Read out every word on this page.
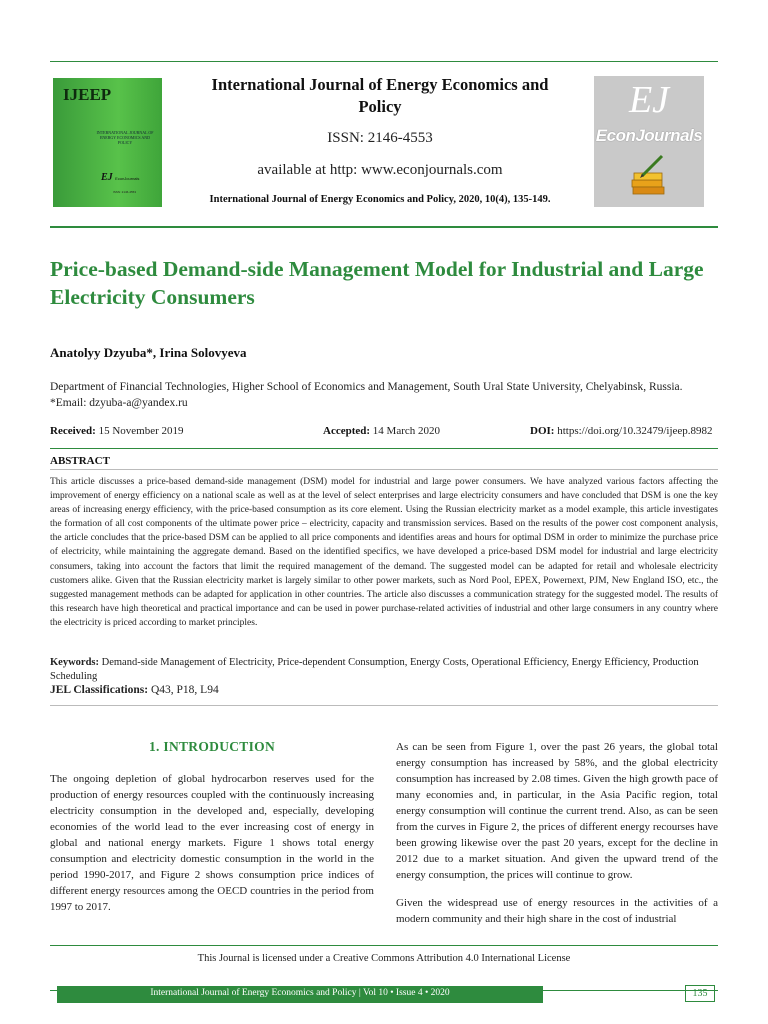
IJEEP
INTERNATIONAL JOURNAL OF ENERGY ECONOMICS AND POLICY
EJ EconJournals
ISSN: 2146-4553
International Journal of Energy Economics and Policy
ISSN: 2146-4553
available at http: www.econjournals.com
International Journal of Energy Economics and Policy, 2020, 10(4), 135-149.
EJ
EconJournals
Price-based Demand-side Management Model for Industrial and Large Electricity Consumers
Anatolyy Dzyuba*, Irina Solovyeva
Department of Financial Technologies, Higher School of Economics and Management, South Ural State University, Chelyabinsk, Russia. *Email: dzyuba-a@yandex.ru
Received: 15 November 2019	Accepted: 14 March 2020	DOI: https://doi.org/10.32479/ijeep.8982
ABSTRACT
This article discusses a price-based demand-side management (DSM) model for industrial and large power consumers. We have analyzed various factors affecting the improvement of energy efficiency on a national scale as well as at the level of select enterprises and large electricity consumers and have concluded that DSM is one the key areas of increasing energy efficiency, with the price-based consumption as its core element. Using the Russian electricity market as a model example, this article investigates the formation of all cost components of the ultimate power price – electricity, capacity and transmission services. Based on the results of the power cost component analysis, the article concludes that the price-based DSM can be applied to all price components and identifies areas and hours for optimal DSM in order to minimize the purchase price of electricity, while maintaining the aggregate demand. Based on the identified specifics, we have developed a price-based DSM model for industrial and large electricity consumers, taking into account the factors that limit the required management of the demand. The suggested model can be adapted for retail and wholesale electricity customers alike. Given that the Russian electricity market is largely similar to other power markets, such as Nord Pool, EPEX, Powernext, PJM, New England ISO, etc., the suggested management methods can be adapted for application in other countries. The article also discusses a communication strategy for the suggested model. The results of this research have high theoretical and practical importance and can be used in power purchase-related activities of industrial and other large consumers in any country where the electricity is priced according to market principles.
Keywords: Demand-side Management of Electricity, Price-dependent Consumption, Energy Costs, Operational Efficiency, Energy Efficiency, Production Scheduling
JEL Classifications: Q43, P18, L94
1. INTRODUCTION

The ongoing depletion of global hydrocarbon reserves used for the production of energy resources coupled with the continuously increasing electricity consumption in the developed and, especially, developing economies of the world lead to the ever increasing cost of energy in global and national energy markets. Figure 1 shows total energy consumption and electricity domestic consumption in the world in the period 1990-2017, and Figure 2 shows consumption price indices of different energy resources among the OECD countries in the period from 1997 to 2017.

As can be seen from Figure 1, over the past 26 years, the global total energy consumption has increased by 58%, and the global electricity consumption has increased by 2.08 times. Given the high growth pace of many economies and, in particular, in the Asia Pacific region, total energy consumption will continue the current trend. Also, as can be seen from the curves in Figure 2, the prices of different energy recourses have been growing likewise over the past 20 years, except for the decline in 2012 due to a market situation. And given the upward trend of the energy consumption, the prices will continue to grow.

Given the widespread use of energy resources in the activities of a modern community and their high share in the cost of industrial

This Journal is licensed under a Creative Commons Attribution 4.0 International License
International Journal of Energy Economics and Policy | Vol 10 • Issue 4 • 2020	135
